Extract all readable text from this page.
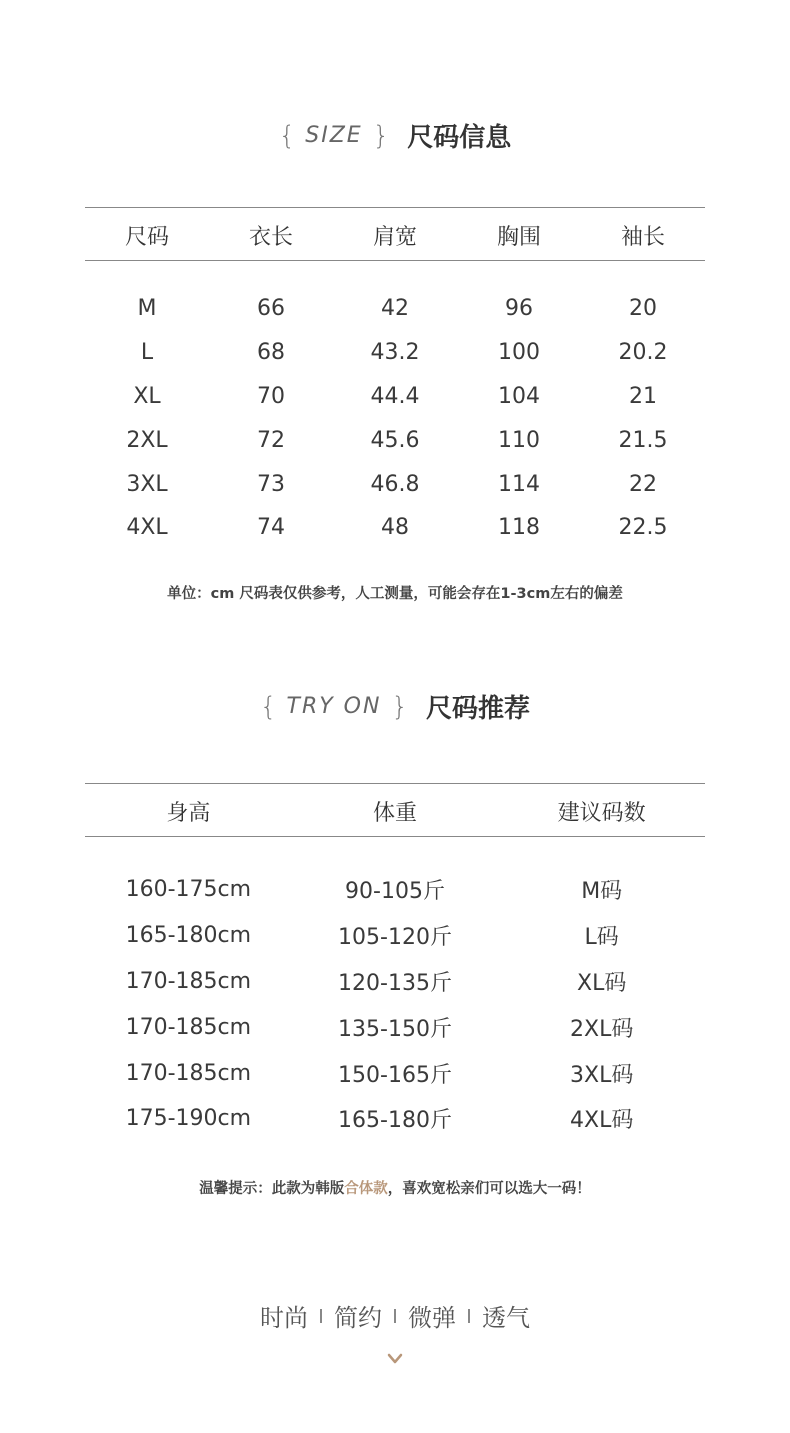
{ SIZE } 尺码信息
尺码	衣长	肩宽	胸围	袖长
M	66	42	96	20
L	68	43.2	100	20.2
XL	70	44.4	104	21
2XL	72	45.6	110	21.5
3XL	73	46.8	114	22
4XL	74	48	118	22.5
单位：cm 尺码表仅供参考，人工测量，可能会存在1-3cm左右的偏差
{ TRY ON } 尺码推荐
身高	体重	建议码数
160-175cm	90-105斤	M码
165-180cm	105-120斤	L码
170-185cm	120-135斤	XL码
170-185cm	135-150斤	2XL码
170-185cm	150-165斤	3XL码
175-190cm	165-180斤	4XL码
温馨提示：此款为韩版合体款，喜欢宽松亲们可以选大一码！
时尚 简约 微弹 透气
